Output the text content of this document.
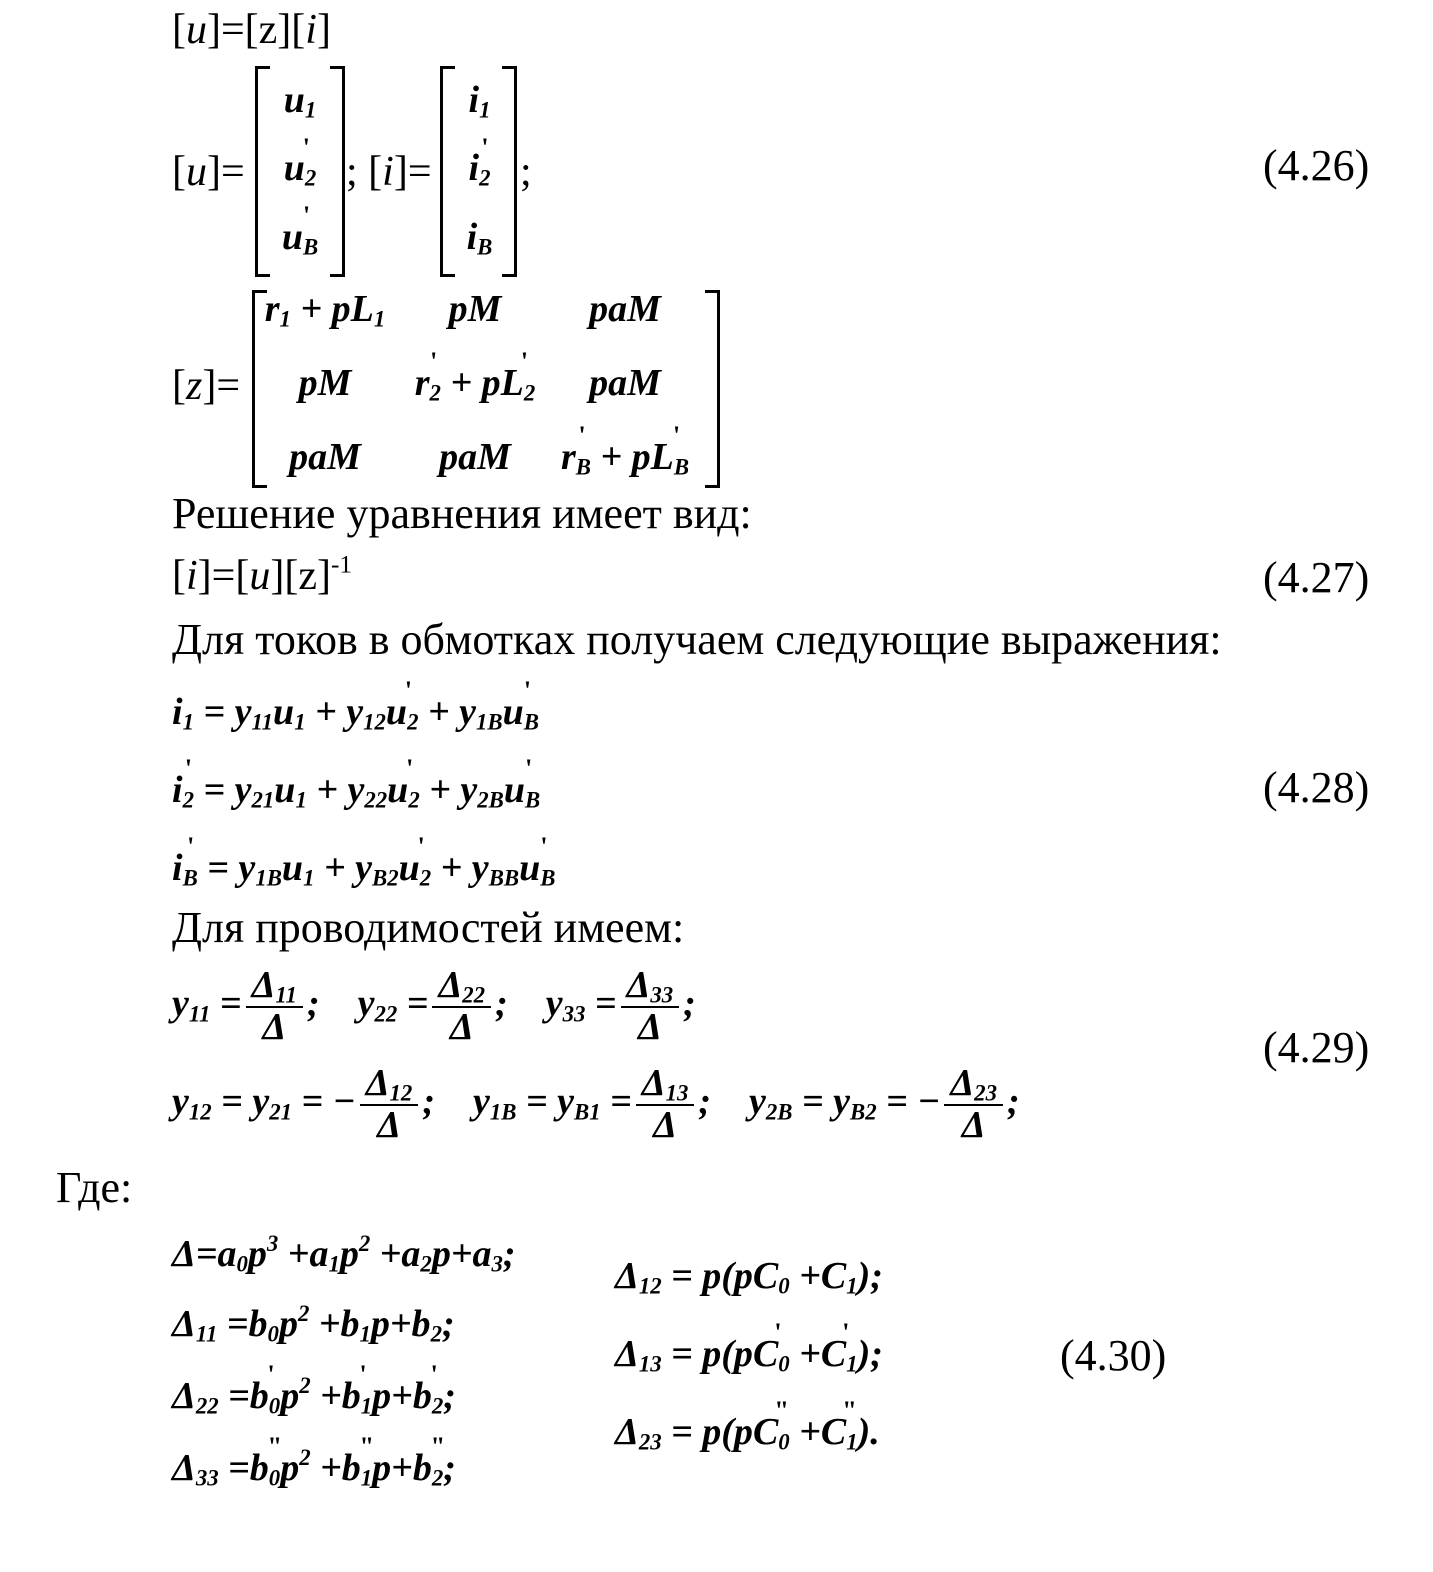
[u]=[z][i]
[u]=
$u_1$
$u_2$ '
$u_B$ '
; [i]=
$i_1$
$i_2$ '
$i_B$
;	(4.26)
[z]=
$r_1 + pL_1$ pM paM
pM $r_2$ ' + $pL_2$ ' paM
paM paM $r_B$ ' + $pL_B$ '
Решение уравнения имеет вид:
$[i]=[u][z]^{-1}$	(4.27)
Для токов в обмотках получаем следующие выражения:
$i_1 = y_{11}u_1 + y_{12}u_2$ ' + $y_{1B}u_B$ '
$i_2$ ' = $y_{21}u_1 + y_{22}u_2$ ' + $y_{2B}u_B$ '
$i_B$ ' = $y_{1B}u_1 + y_{B2}u_2$ ' + $y_{BB}u_B$ '
(4.28)
Для проводимостей имеем:
$y_{11} = \frac{\Delta_{11}}{\Delta}$ ;    $y_{22} = \frac{\Delta_{22}}{\Delta}$ ;    $y_{33} = \frac{\Delta_{33}}{\Delta}$ ;
$y_{12} = y_{21}$ = − $\frac{\Delta_{12}}{\Delta}$ ;    $y_{1B} = y_{B1} = \frac{\Delta_{13}}{\Delta}$ ;    $y_{2B} = y_{B2}$ = − $\frac{\Delta_{23}}{\Delta}$ ;
(4.29)
Где:
$\Delta=a_0p^3 +a_1p^2 +a_2p+a_3$;
$\Delta_{11} =b_0p^2 +b_1p+b_2$;
$\Delta_{22} =b_0$ '$p^2 +b_1$ '$p+b_2$ ';
$\Delta_{33} =b_0$ "$p^2 +b_1$ "$p+b_2$ ";
$\Delta_{12} = p(pC_0 +C_1)$;
$\Delta_{13} = p(pC_0$ ' $+C_1$ ');
$\Delta_{23} = p(pC_0$ " $+C_1$ ").
(4.30)
